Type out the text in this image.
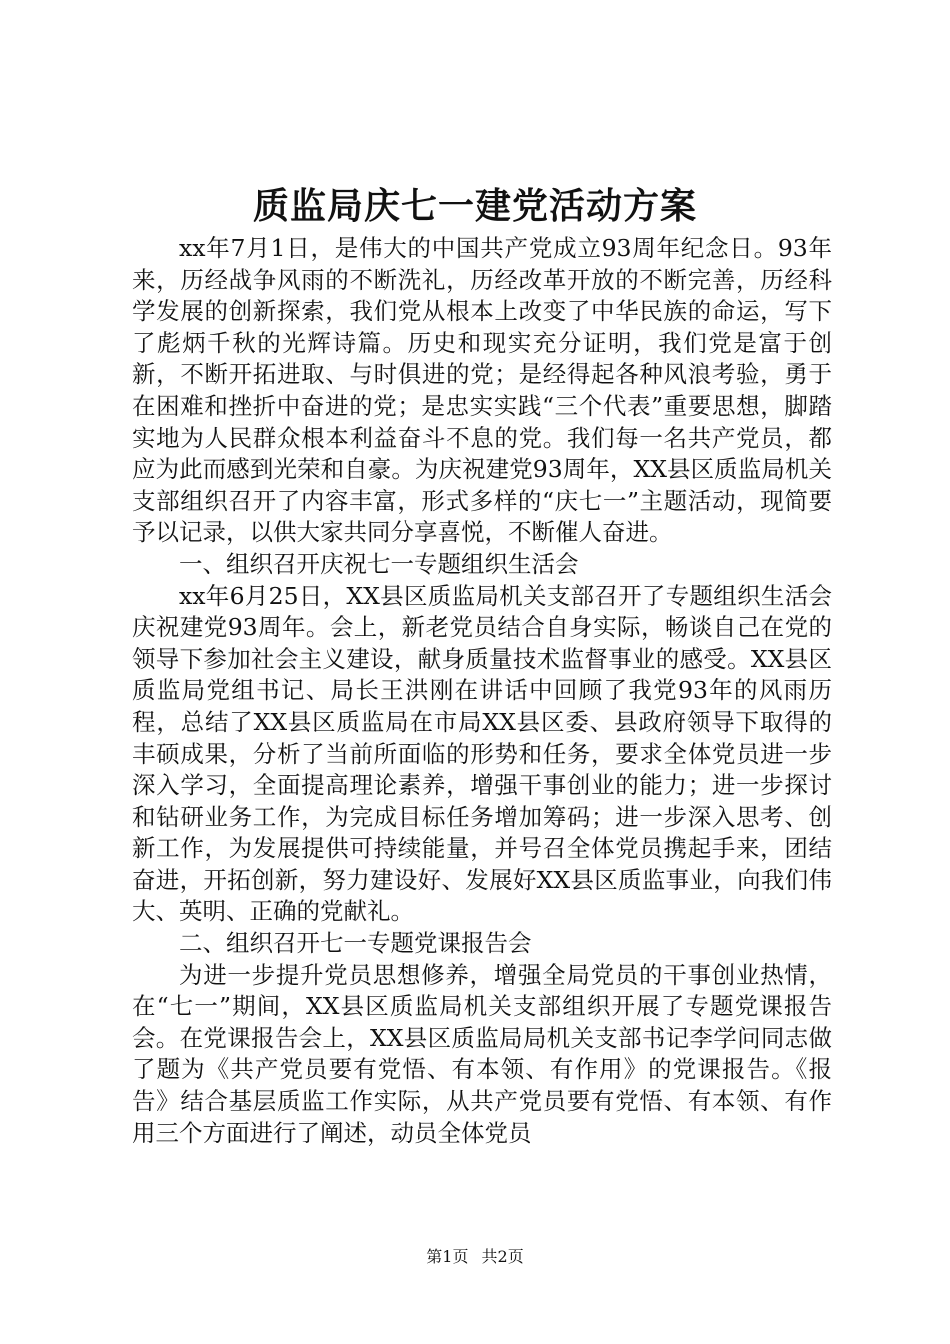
质监局庆七一建党活动方案

xx年7月1日，是伟大的中国共产党成立93周年纪念日。93年来，历经战争风雨的不断洗礼，历经改革开放的不断完善，历经科学发展的创新探索，我们党从根本上改变了中华民族的命运，写下了彪炳千秋的光辉诗篇。历史和现实充分证明，我们党是富于创新，不断开拓进取、与时俱进的党；是经得起各种风浪考验，勇于在困难和挫折中奋进的党；是忠实实践“三个代表”重要思想，脚踏实地为人民群众根本利益奋斗不息的党。我们每一名共产党员，都应为此而感到光荣和自豪。为庆祝建党93周年，XX县区质监局机关支部组织召开了内容丰富，形式多样的“庆七一”主题活动，现简要予以记录，以供大家共同分享喜悦，不断催人奋进。

一、组织召开庆祝七一专题组织生活会

xx年6月25日，XX县区质监局机关支部召开了专题组织生活会庆祝建党93周年。会上，新老党员结合自身实际，畅谈自己在党的领导下参加社会主义建设，献身质量技术监督事业的感受。XX县区质监局党组书记、局长王洪刚在讲话中回顾了我党93年的风雨历程，总结了XX县区质监局在市局XX县区委、县政府领导下取得的丰硕成果，分析了当前所面临的形势和任务，要求全体党员进一步深入学习，全面提高理论素养，增强干事创业的能力；进一步探讨和钻研业务工作，为完成目标任务增加筹码；进一步深入思考、创新工作，为发展提供可持续能量，并号召全体党员携起手来，团结奋进，开拓创新，努力建设好、发展好XX县区质监事业，向我们伟大、英明、正确的党献礼。

二、组织召开七一专题党课报告会

为进一步提升党员思想修养，增强全局党员的干事创业热情，在“七一”期间，XX县区质监局机关支部组织开展了专题党课报告会。在党课报告会上，XX县区质监局局机关支部书记李学问同志做了题为《共产党员要有党悟、有本领、有作用》的党课报告。《报告》结合基层质监工作实际，从共产党员要有党悟、有本领、有作用三个方面进行了阐述，动员全体党员

第1页 共2页
